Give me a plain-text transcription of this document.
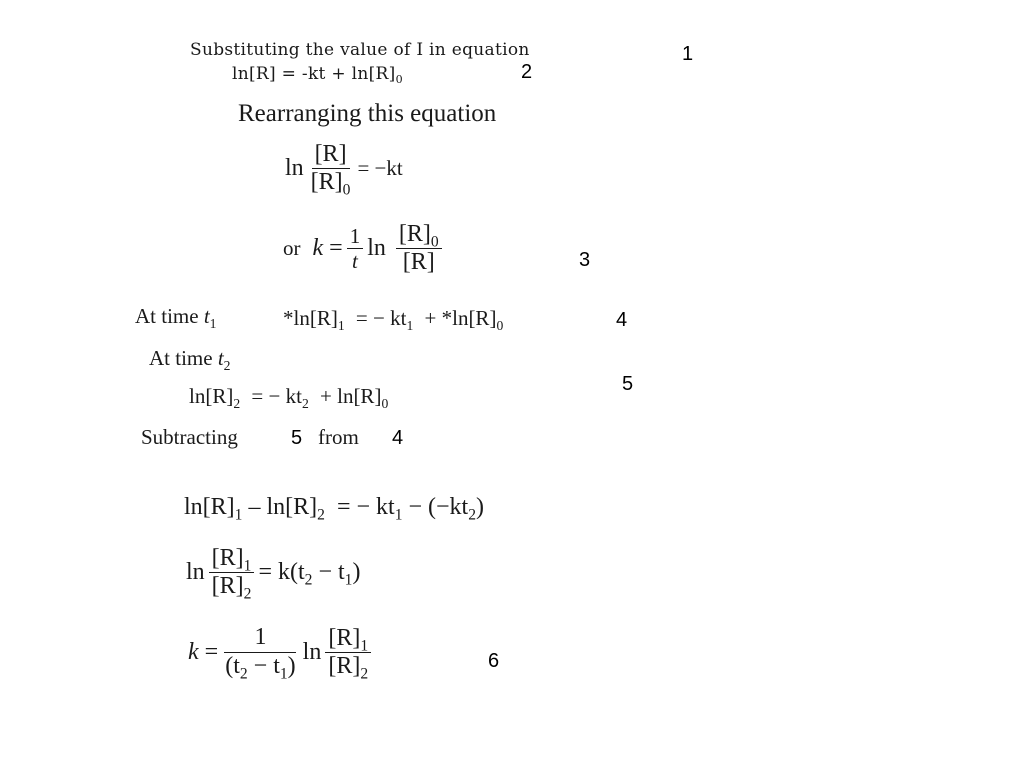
Substituting the value of I in equation	1
$\ln[R] = -kt + \ln[R]_0$	2
Rearranging this equation
$\ln \frac{[R]}{[R]_0} = -kt$
or $k = \frac{1}{t}$ $\ln \frac{[R]_0}{[R]}$	3
At time $t_1$	$*\ln[R]_1$ = − $kt_1 + *\ln[R]_0$	4
At time $t_2$
5
$\ln[R]_2$ = − $kt_2 + \ln[R]_0$
Subtracting	5 from 4
$\ln[R]_1 - \ln[R]_2$ = − $kt_1 - (-kt_2)$
$\ln \frac{[R]_1}{[R]_2} = k(t_2 - t_1)$
$k = \frac{1}{(t_2 - t_1)}$ $\ln \frac{[R]_1}{[R]_2}$	6
